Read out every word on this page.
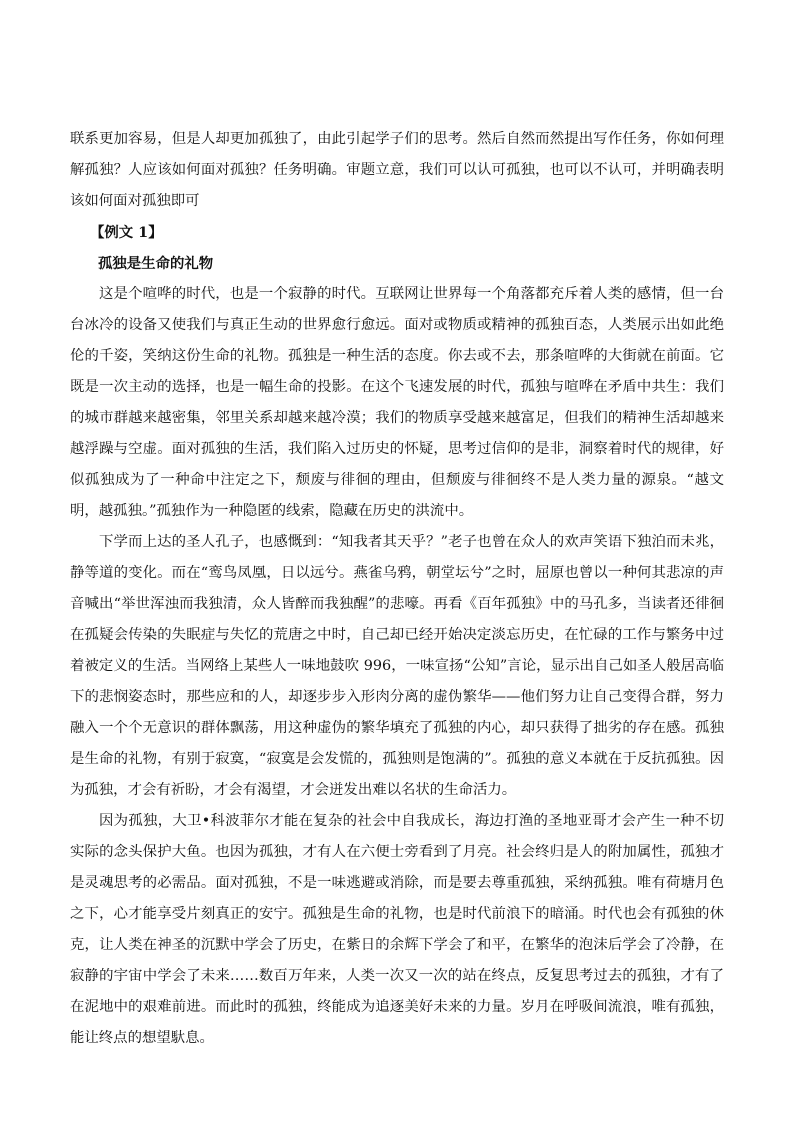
联系更加容易，但是人却更加孤独了，由此引起学子们的思考。然后自然而然提出写作任务，你如何理解孤独？人应该如何面对孤独？任务明确。审题立意，我们可以认可孤独，也可以不认可，并明确表明该如何面对孤独即可

【例文 1】

孤独是生命的礼物

这是个喧哗的时代，也是一个寂静的时代。互联网让世界每一个角落都充斥着人类的感情，但一台台冰冷的设备又使我们与真正生动的世界愈行愈远。面对或物质或精神的孤独百态，人类展示出如此绝伦的千姿，笑纳这份生命的礼物。孤独是一种生活的态度。你去或不去，那条喧哗的大街就在前面。它既是一次主动的选择，也是一幅生命的投影。在这个飞速发展的时代，孤独与喧哗在矛盾中共生：我们的城市群越来越密集，邻里关系却越来越冷漠；我们的物质享受越来越富足，但我们的精神生活却越来越浮躁与空虚。面对孤独的生活，我们陷入过历史的怀疑，思考过信仰的是非，洞察着时代的规律，好似孤独成为了一种命中注定之下，颓废与徘徊的理由，但颓废与徘徊终不是人类力量的源泉。“越文明，越孤独。”孤独作为一种隐匿的线索，隐藏在历史的洪流中。

下学而上达的圣人孔子，也感慨到：“知我者其天乎？”老子也曾在众人的欢声笑语下独泊而未兆，静等道的变化。而在“鸾鸟凤凰，日以远兮。燕雀乌鸦，朝堂坛兮”之时，屈原也曾以一种何其悲凉的声音喊出“举世浑浊而我独清，众人皆醉而我独醒”的悲嚎。再看《百年孤独》中的马孔多，当读者还徘徊在孤疑会传染的失眠症与失忆的荒唐之中时，自己却已经开始决定淡忘历史，在忙碌的工作与繁务中过着被定义的生活。当网络上某些人一味地鼓吹 996，一味宣扬“公知”言论，显示出自己如圣人般居高临下的悲悯姿态时，那些应和的人，却逐步步入形肉分离的虚伪繁华——他们努力让自己变得合群，努力融入一个个无意识的群体飘荡，用这种虚伪的繁华填充了孤独的内心，却只获得了拙劣的存在感。孤独是生命的礼物，有别于寂寞，“寂寞是会发慌的，孤独则是饱满的”。孤独的意义本就在于反抗孤独。因为孤独，才会有祈盼，才会有渴望，才会迸发出难以名状的生命活力。

因为孤独，大卫•科波菲尔才能在复杂的社会中自我成长，海边打渔的圣地亚哥才会产生一种不切实际的念头保护大鱼。也因为孤独，才有人在六便士旁看到了月亮。社会终归是人的附加属性，孤独才是灵魂思考的必需品。面对孤独，不是一味逃避或消除，而是要去尊重孤独，采纳孤独。唯有荷塘月色之下，心才能享受片刻真正的安宁。孤独是生命的礼物，也是时代前浪下的暗涌。时代也会有孤独的休克，让人类在神圣的沉默中学会了历史，在紫日的余辉下学会了和平，在繁华的泡沫后学会了冷静，在寂静的宇宙中学会了未来……数百万年来，人类一次又一次的站在终点，反复思考过去的孤独，才有了在泥地中的艰难前进。而此时的孤独，终能成为追逐美好未来的力量。岁月在呼吸间流浪，唯有孤独，能让终点的想望馱息。
